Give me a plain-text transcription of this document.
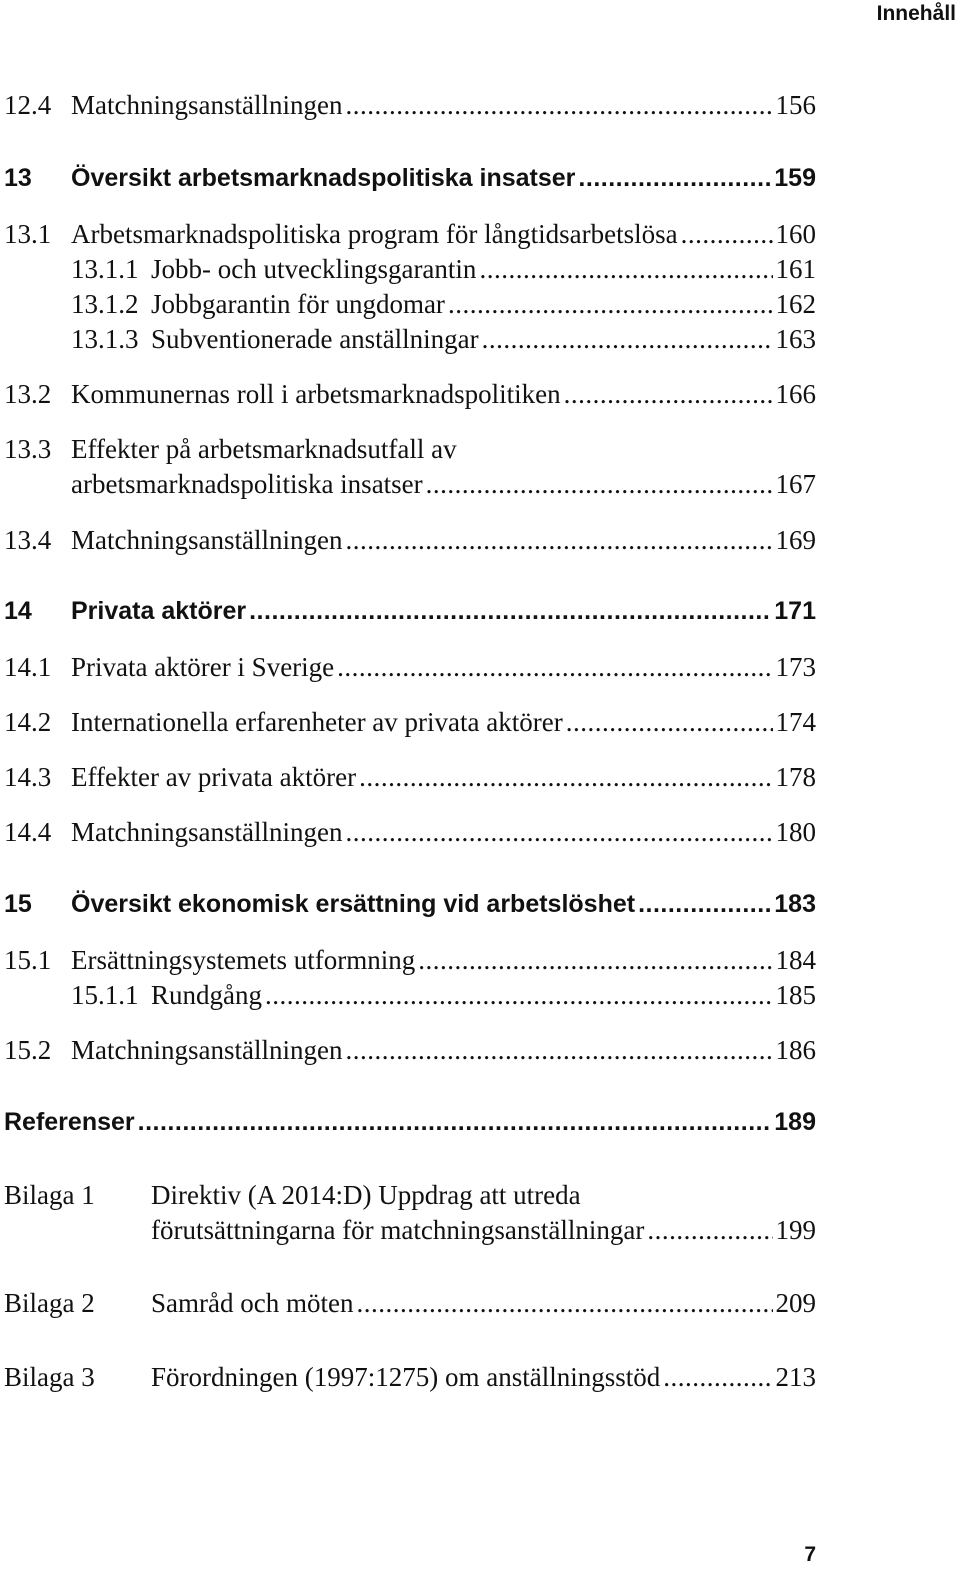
Innehåll
12.4 Matchningsanställningen .....	156
13 Översikt arbetsmarknadspolitiska insatser .....	159
13.1 Arbetsmarknadspolitiska program för långtidsarbetslösa .....	160
13.1.1 Jobb- och utvecklingsgarantin .....	161
13.1.2 Jobbgarantin för ungdomar .....	162
13.1.3 Subventionerade anställningar .....	163
13.2 Kommunernas roll i arbetsmarknadspolitiken .....	166
13.3 Effekter på arbetsmarknadsutfall av
arbetsmarknadspolitiska insatser .....	167
13.4 Matchningsanställningen .....	169
14 Privata aktörer .....	171
14.1 Privata aktörer i Sverige .....	173
14.2 Internationella erfarenheter av privata aktörer .....	174
14.3 Effekter av privata aktörer .....	178
14.4 Matchningsanställningen .....	180
15 Översikt ekonomisk ersättning vid arbetslöshet .....	183
15.1 Ersättningsystemets utformning .....	184
15.1.1 Rundgång .....	185
15.2 Matchningsanställningen .....	186
Referenser .....	189
Bilaga 1 Direktiv (A 2014:D) Uppdrag att utreda
förutsättningarna för matchningsanställningar .....	199
Bilaga 2 Samråd och möten .....	209
Bilaga 3 Förordningen (1997:1275) om anställningsstöd .....	213
7
